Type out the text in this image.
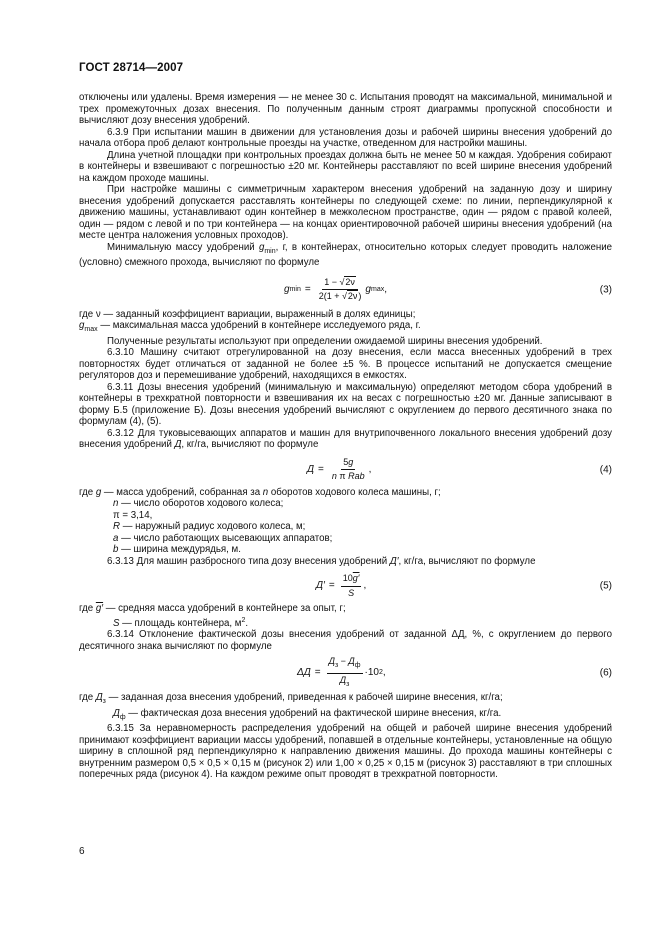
ГОСТ 28714—2007

отключены или удалены. Время измерения — не менее 30 с. Испытания проводят на максимальной, минимальной и трех промежуточных дозах внесения. По полученным данным строят диаграммы пропускной способности и вычисляют дозу внесения удобрений.

6.3.9 При испытании машин в движении для установления дозы и рабочей ширины внесения удобрений до начала отбора проб делают контрольные проезды на участке, отведенном для настройки машины.

Длина учетной площадки при контрольных проездах должна быть не менее 50 м каждая. Удобрения собирают в контейнеры и взвешивают с погрешностью ±20 мг. Контейнеры расставляют по всей ширине внесения удобрений на каждом проходе машины.

При настройке машины с симметричным характером внесения удобрений на заданную дозу и ширину внесения удобрений допускается расставлять контейнеры по следующей схеме: по линии, перпендикулярной к движению машины, устанавливают один контейнер в межколесном пространстве, один — рядом с правой колеей, один — рядом с левой и по три контейнера — на концах ориентировочной рабочей ширины внесения удобрений (на месте центра наложения условных проходов).

Минимальную массу удобрений $g_{min}$, г, в контейнерах, относительно которых следует проводить наложение (условно) смежного прохода, вычисляют по формуле

g $\min = \frac{1 - √2\nu}{2(1 + √2\nu)}$ g max ,	(3)

где ν — заданный коэффициент вариации, выраженный в долях единицы;

$g_{max}$ — максимальная масса удобрений в контейнере исследуемого ряда, г.

Полученные результаты используют при определении ожидаемой ширины внесения удобрений.

6.3.10 Машину считают отрегулированной на дозу внесения, если масса внесенных удобрений в трех повторностях будет отличаться от заданной не более ±5 %. В процессе испытаний не допускается смещение регуляторов доз и перемешивание удобрений, находящихся в емкостях.

6.3.11 Дозы внесения удобрений (минимальную и максимальную) определяют методом сбора удобрений в контейнеры в трехкратной повторности и взвешивания их на весах с погрешностью ±20 мг. Данные записывают в форму Б.5 (приложение Б). Дозы внесения удобрений вычисляют с округлением до первого десятичного знака по формулам (4), (5).

6.3.12 Для туковысевающих аппаратов и машин для внутрипочвенного локального внесения удобрений дозу внесения удобрений Д, кг/га, вычисляют по формуле

$Д = \frac{5g}{\text{n π Rab}}$ ,	(4)

где g — масса удобрений, собранная за n оборотов ходового колеса машины, г;

n — число оборотов ходового колеса;

π = 3,14,

R — наружный радиус ходового колеса, м;

a — число работающих высевающих аппаратов;

b — ширина междурядья, м.

6.3.13 Для машин разбросного типа дозу внесения удобрений Д′, кг/га, вычисляют по формуле

$Д' = \frac{10g'}{S}$ ,	(5)

где g′ — средняя масса удобрений в контейнере за опыт, г;

S — площадь контейнера, $м^2$.

6.3.14 Отклонение фактической дозы внесения удобрений от заданной ΔД, %, с округлением до первого десятичного знака вычисляют по формуле

$\Delta Д = \frac{Д_з - Д_ф}{Д_з} \cdot 10$ 2 ,	(6)

где $Д_з$ — заданная доза внесения удобрений, приведенная к рабочей ширине внесения, кг/га;

$Д_ф$ — фактическая доза внесения удобрений на фактической ширине внесения, кг/га.

6.3.15 За неравномерность распределения удобрений на общей и рабочей ширине внесения удобрений принимают коэффициент вариации массы удобрений, попавшей в отдельные контейнеры, установленные на общую ширину в сплошной ряд перпендикулярно к направлению движения машины. До прохода машины контейнеры с внутренним размером 0,5 × 0,5 × 0,15 м (рисунок 2) или 1,00 × 0,25 × 0,15 м (рисунок 3) расставляют в три сплошных поперечных ряда (рисунок 4). На каждом режиме опыт проводят в трехкратной повторности.

6
